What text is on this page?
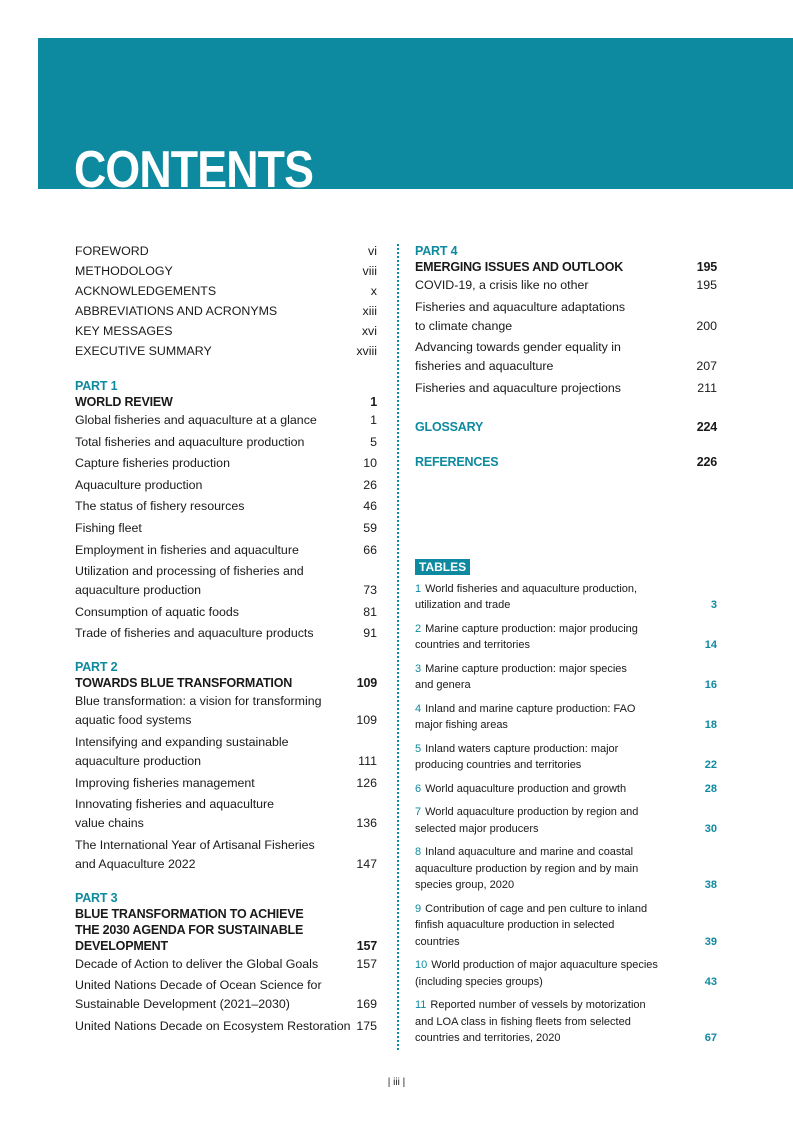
CONTENTS
FOREWORD	vi
METHODOLOGY	viii
ACKNOWLEDGEMENTS	x
ABBREVIATIONS AND ACRONYMS	xiii
KEY MESSAGES	xvi
EXECUTIVE SUMMARY	xviii
PART 1
WORLD REVIEW	1
Global fisheries and aquaculture at a glance	1
Total fisheries and aquaculture production	5
Capture fisheries production	10
Aquaculture production	26
The status of fishery resources	46
Fishing fleet	59
Employment in fisheries and aquaculture	66
Utilization and processing of fisheries and
aquaculture production	73
Consumption of aquatic foods	81
Trade of fisheries and aquaculture products	91
PART 2
TOWARDS BLUE TRANSFORMATION	109
Blue transformation: a vision for transforming
aquatic food systems	109
Intensifying and expanding sustainable
aquaculture production	111
Improving fisheries management	126
Innovating fisheries and aquaculture
value chains	136
The International Year of Artisanal Fisheries
and Aquaculture 2022	147
PART 3
BLUE TRANSFORMATION TO ACHIEVE
THE 2030 AGENDA FOR SUSTAINABLE
DEVELOPMENT	157
Decade of Action to deliver the Global Goals	157
United Nations Decade of Ocean Science for
Sustainable Development (2021–2030)	169
United Nations Decade on Ecosystem Restoration 175
PART 4
EMERGING ISSUES AND OUTLOOK	195
COVID-19, a crisis like no other	195
Fisheries and aquaculture adaptations
to climate change	200
Advancing towards gender equality in
fisheries and aquaculture	207
Fisheries and aquaculture projections	211
GLOSSARY	224
REFERENCES	226
TABLES
1 World fisheries and aquaculture production,
utilization and trade	3
2 Marine capture production: major producing
countries and territories	14
3 Marine capture production: major species
and genera	16
4 Inland and marine capture production: FAO
major fishing areas	18
5 Inland waters capture production: major
producing countries and territories	22
6 World aquaculture production and growth	28
7 World aquaculture production by region and
selected major producers	30
8 Inland aquaculture and marine and coastal
aquaculture production by region and by main
species group, 2020	38
9 Contribution of cage and pen culture to inland
finfish aquaculture production in selected
countries	39
10 World production of major aquaculture species
(including species groups)	43
11 Reported number of vessels by motorization
and LOA class in fishing fleets from selected
countries and territories, 2020	67
| iii |
